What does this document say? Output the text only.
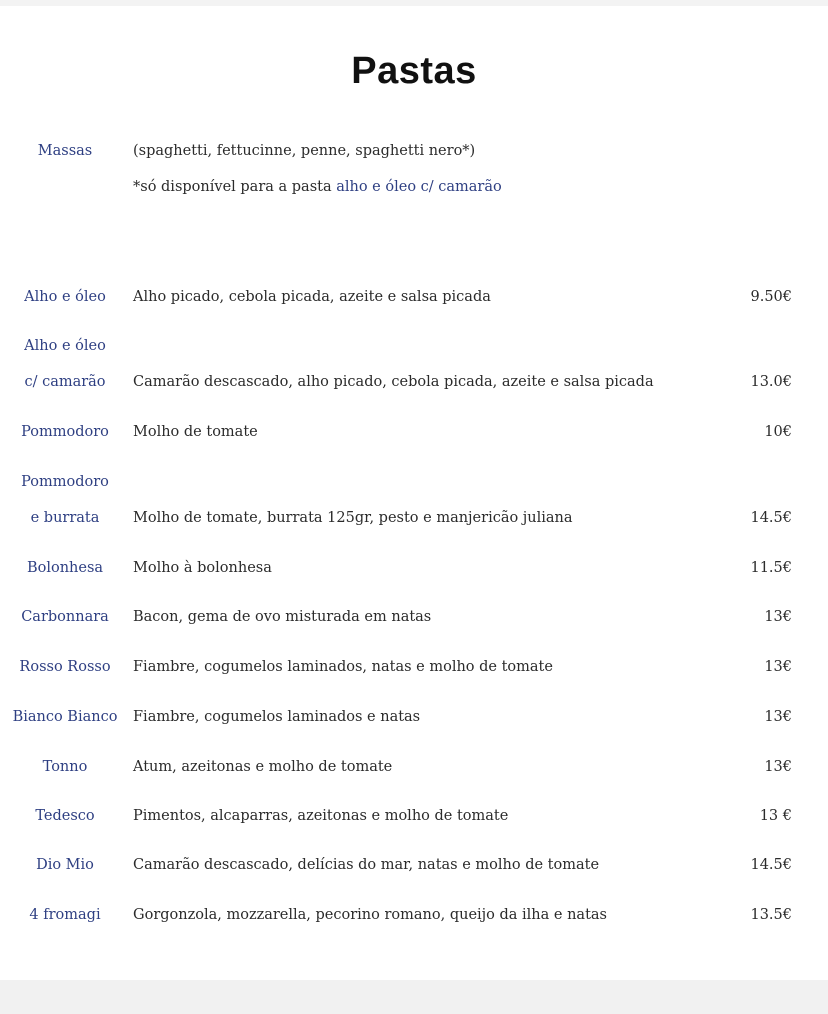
Pastas
Massas	(spaghetti, fettucinne, penne, spaghetti nero*)
*só disponível para a pasta alho e óleo c/ camarão
Alho e óleo	Alho picado, cebola picada, azeite e salsa picada	9.50€
Alho e óleo
c/ camarão	Camarão descascado, alho picado, cebola picada, azeite e salsa picada	13.0€
Pommodoro	Molho de tomate	10€
Pommodoro
e burrata	Molho de tomate, burrata 125gr, pesto e manjericão juliana	14.5€
Bolonhesa	Molho à bolonhesa	11.5€
Carbonnara	Bacon, gema de ovo misturada em natas	13€
Rosso Rosso	Fiambre, cogumelos laminados, natas e molho de tomate	13€
Bianco Bianco	Fiambre, cogumelos laminados e natas	13€
Tonno	Atum, azeitonas e molho de tomate	13€
Tedesco	Pimentos, alcaparras, azeitonas e molho de tomate	13 €
Dio Mio	Camarão descascado, delícias do mar, natas e molho de tomate	14.5€
4 fromagi	Gorgonzola, mozzarella, pecorino romano, queijo da ilha e natas	13.5€
